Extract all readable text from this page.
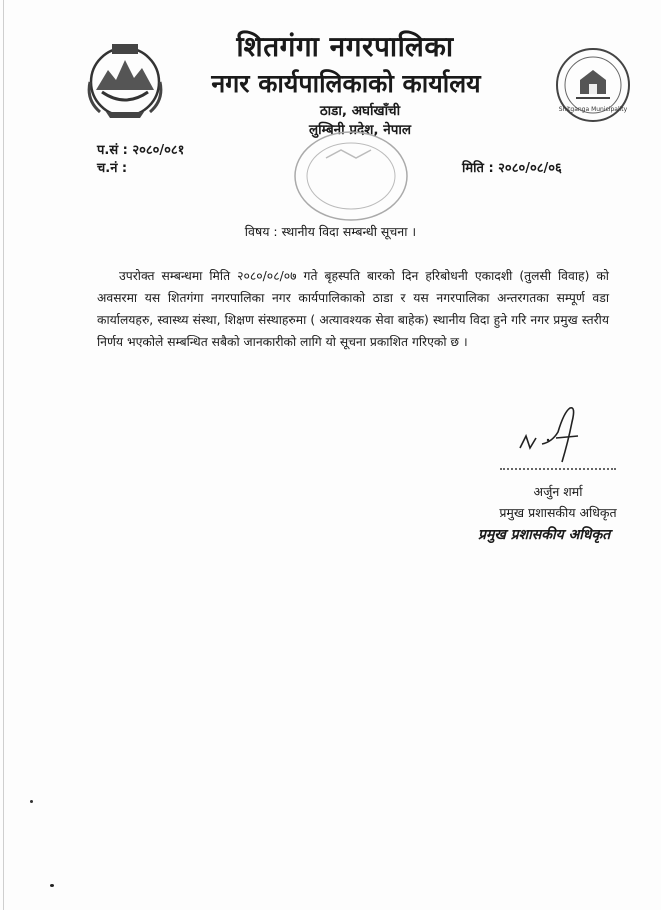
शितगंगा नगरपालिका
नगर कार्यपालिकाको कार्यालय
ठाडा, अर्घाखाँची
लुम्बिनी प्रदेश, नेपाल
Shitganga Municipality
प.सं : २०८०/०८१
च.नं :	मिति : २०८०/०८/०६
विषय : स्थानीय विदा सम्बन्धी सूचना ।
उपरोक्त सम्बन्धमा मिति २०८०/०८/०७ गते बृहस्पति बारको दिन हरिबोधनी एकादशी (तुलसी विवाह) को अवसरमा यस शितगंगा नगरपालिका नगर कार्यपालिकाको ठाडा र यस नगरपालिका अन्तरगतका सम्पूर्ण वडा कार्यालयहरु, स्वास्थ्य संस्था, शिक्षण संस्थाहरुमा ( अत्यावश्यक सेवा बाहेक) स्थानीय विदा हुने गरि नगर प्रमुख स्तरीय निर्णय भएकोले सम्बन्धित सबैको जानकारीको लागि यो सूचना प्रकाशित गरिएको छ ।
अर्जुन शर्मा
प्रमुख प्रशासकीय अधिकृत
प्रमुख प्रशासकीय अधिकृत
